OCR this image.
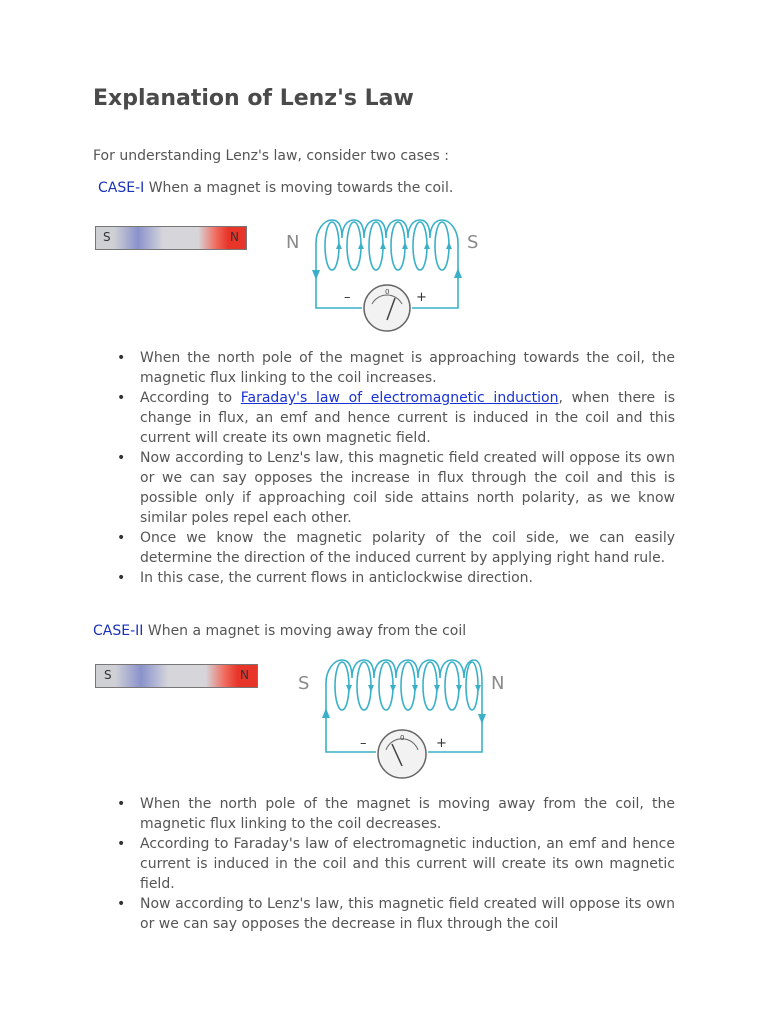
Explanation of Lenz's Law
For understanding Lenz's law, consider two cases :
CASE-I When a magnet is moving towards the coil.
S	N	N	S
0
–	+
• When the north pole of the magnet is approaching towards the coil, the magnetic flux linking to the coil increases.
• According to Faraday's law of electromagnetic induction, when there is change in flux, an emf and hence current is induced in the coil and this current will create its own magnetic field.
• Now according to Lenz's law, this magnetic field created will oppose its own or we can say opposes the increase in flux through the coil and this is possible only if approaching coil side attains north polarity, as we know similar poles repel each other.
• Once we know the magnetic polarity of the coil side, we can easily determine the direction of the induced current by applying right hand rule.
• In this case, the current flows in anticlockwise direction.
CASE-II When a magnet is moving away from the coil
S	N	S	N
0
–	+
• When the north pole of the magnet is moving away from the coil, the magnetic flux linking to the coil decreases.
• According to Faraday's law of electromagnetic induction, an emf and hence current is induced in the coil and this current will create its own magnetic field.
• Now according to Lenz's law, this magnetic field created will oppose its own or we can say opposes the decrease in flux through the coil
